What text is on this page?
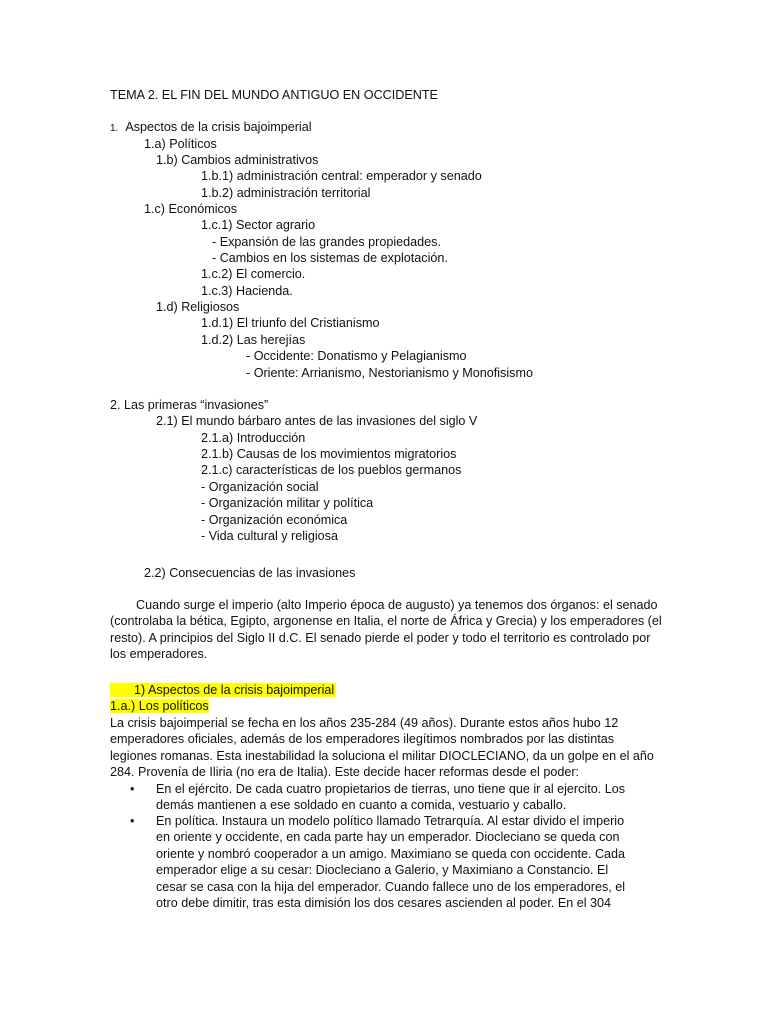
TEMA 2. EL FIN DEL MUNDO ANTIGUO EN OCCIDENTE
1. Aspectos de la crisis bajoimperial
1.a) Políticos
1.b) Cambios administrativos
1.b.1) administración central: emperador y senado
1.b.2) administración territorial
1.c) Económicos
1.c.1) Sector agrario
- Expansión de las grandes propiedades.
- Cambios en los sistemas de explotación.
1.c.2) El comercio.
1.c.3) Hacienda.
1.d) Religiosos
1.d.1) El triunfo del Cristianismo
1.d.2) Las herejías
- Occidente: Donatismo y Pelagianismo
- Oriente: Arrianismo, Nestorianismo y Monofisismo
2. Las primeras “invasiones”
2.1) El mundo bárbaro antes de las invasiones del siglo V
2.1.a) Introducción
2.1.b) Causas de los movimientos migratorios
2.1.c) características de los pueblos germanos
- Organización social
- Organización militar y política
- Organización económica
- Vida cultural y religiosa
2.2) Consecuencias de las invasiones
Cuando surge el imperio (alto Imperio época de augusto) ya tenemos dos órganos: el senado (controlaba la bética, Egipto, argonense en Italia, el norte de África y Grecia) y los emperadores (el resto). A principios del Siglo II d.C. El senado pierde el poder y todo el territorio es controlado por los emperadores.
1) Aspectos de la crisis bajoimperial
1.a.) Los políticos
La crisis bajoimperial se fecha en los años 235-284 (49 años). Durante estos años hubo 12 emperadores oficiales, además de los emperadores ilegítimos nombrados por las distintas legiones romanas. Esta inestabilidad la soluciona el militar DIOCLECIANO, da un golpe en el año 284. Provenía de Iliria (no era de Italia). Este decide hacer reformas desde el poder:
•	En el ejército. De cada cuatro propietarios de tierras, uno tiene que ir al ejercito. Los demás mantienen a ese soldado en cuanto a comida, vestuario y caballo.
•	En política. Instaura un modelo político llamado Tetrarquía. Al estar divido el imperio en oriente y occidente, en cada parte hay un emperador. Diocleciano se queda con oriente y nombró cooperador a un amigo. Maximiano se queda con occidente. Cada emperador elige a su cesar: Diocleciano a Galerio, y Maximiano a Constancio. El cesar se casa con la hija del emperador. Cuando fallece uno de los emperadores, el otro debe dimitir, tras esta dimisión los dos cesares ascienden al poder. En el 304
